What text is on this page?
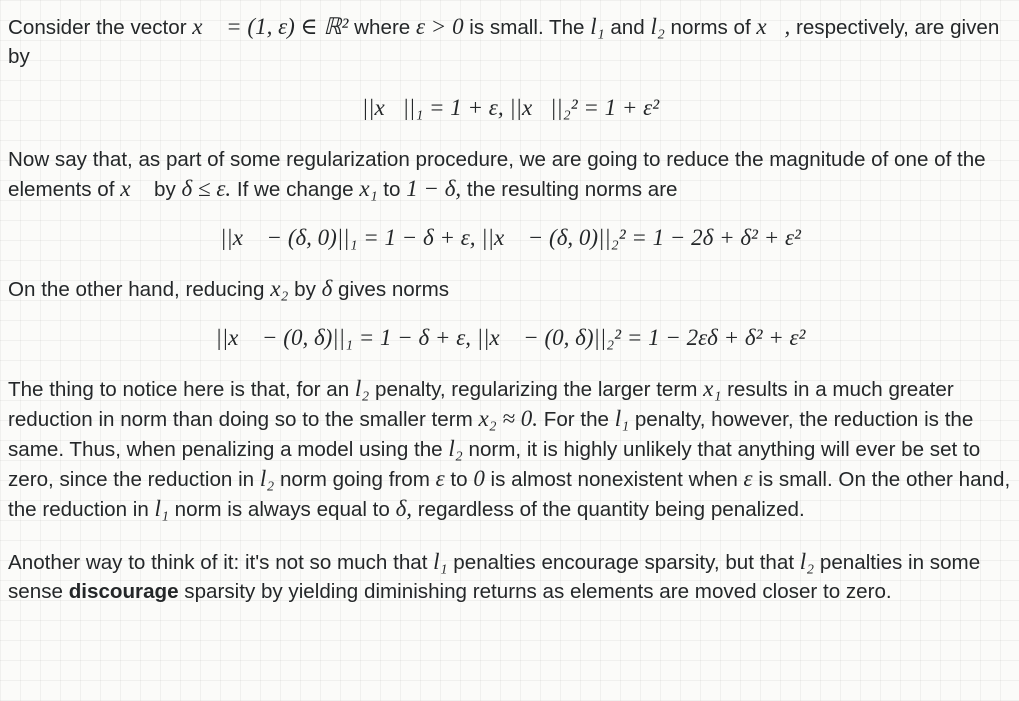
Consider the vector x⃗ = (1, ε) ∈ ℝ² where ε > 0 is small. The l₁ and l₂ norms of x⃗, respectively, are given by

||x⃗||₁ = 1 + ε, ||x⃗||₂² = 1 + ε²

Now say that, as part of some regularization procedure, we are going to reduce the magnitude of one of the elements of x⃗ by δ ≤ ε. If we change x₁ to 1 − δ, the resulting norms are

||x⃗ − (δ, 0)||₁ = 1 − δ + ε, ||x⃗ − (δ, 0)||₂² = 1 − 2δ + δ² + ε²

On the other hand, reducing x₂ by δ gives norms

||x⃗ − (0, δ)||₁ = 1 − δ + ε, ||x⃗ − (0, δ)||₂² = 1 − 2εδ + δ² + ε²

The thing to notice here is that, for an l₂ penalty, regularizing the larger term x₁ results in a much greater reduction in norm than doing so to the smaller term x₂ ≈ 0. For the l₁ penalty, however, the reduction is the same. Thus, when penalizing a model using the l₂ norm, it is highly unlikely that anything will ever be set to zero, since the reduction in l₂ norm going from ε to 0 is almost nonexistent when ε is small. On the other hand, the reduction in l₁ norm is always equal to δ, regardless of the quantity being penalized.

Another way to think of it: it's not so much that l₁ penalties encourage sparsity, but that l₂ penalties in some sense discourage sparsity by yielding diminishing returns as elements are moved closer to zero.
